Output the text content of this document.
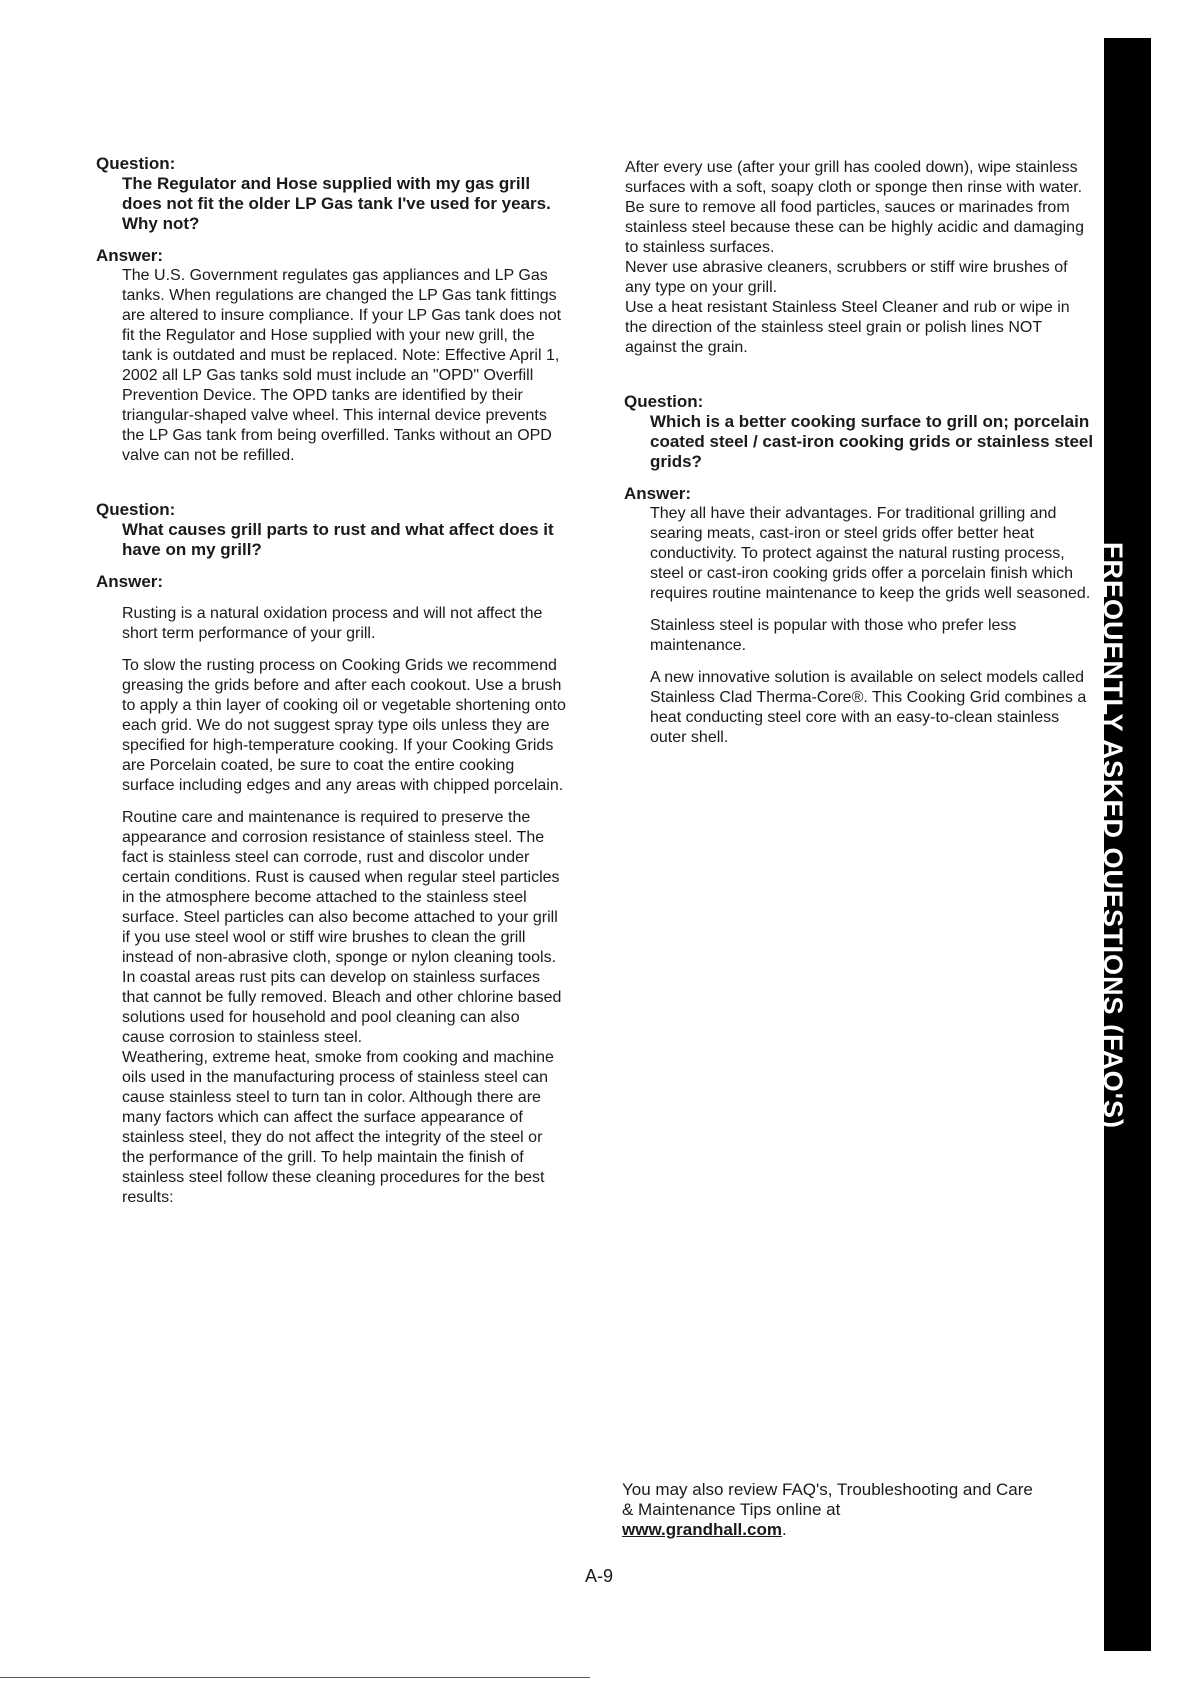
Question:

The Regulator and Hose supplied with my gas grill does not fit the older LP Gas tank I've used for years. Why not?

Answer:

The U.S. Government regulates gas appliances and LP Gas tanks. When regulations are changed the LP Gas tank fittings are altered to insure compliance. If your LP Gas tank does not fit the Regulator and Hose supplied with your new grill, the tank is outdated and must be replaced. Note: Effective April 1, 2002 all LP Gas tanks sold must include an "OPD" Overfill Prevention Device. The OPD tanks are identified by their triangular-shaped valve wheel. This internal device prevents the LP Gas tank from being overfilled. Tanks without an OPD valve can not be refilled.

Question:

What causes grill parts to rust and what affect does it have on my grill?

Answer:

Rusting is a natural oxidation process and will not affect the short term performance of your grill.

To slow the rusting process on Cooking Grids we recommend greasing the grids before and after each cookout. Use a brush to apply a thin layer of cooking oil or vegetable shortening onto each grid. We do not suggest spray type oils unless they are specified for high-temperature cooking. If your Cooking Grids are Porcelain coated, be sure to coat the entire cooking surface including edges and any areas with chipped porcelain.

Routine care and maintenance is required to preserve the appearance and corrosion resistance of stainless steel. The fact is stainless steel can corrode, rust and discolor under certain conditions. Rust is caused when regular steel particles in the atmosphere become attached to the stainless steel surface. Steel particles can also become attached to your grill if you use steel wool or stiff wire brushes to clean the grill instead of non-abrasive cloth, sponge or nylon cleaning tools. In coastal areas rust pits can develop on stainless surfaces that cannot be fully removed. Bleach and other chlorine based solutions used for household and pool cleaning can also cause corrosion to stainless steel.

Weathering, extreme heat, smoke from cooking and machine oils used in the manufacturing process of stainless steel can cause stainless steel to turn tan in color. Although there are many factors which can affect the surface appearance of stainless steel, they do not affect the integrity of the steel or the performance of the grill. To help maintain the finish of stainless steel follow these cleaning procedures for the best results:

After every use (after your grill has cooled down), wipe stainless surfaces with a soft, soapy cloth or sponge then rinse with water. Be sure to remove all food particles, sauces or marinades from stainless steel because these can be highly acidic and damaging to stainless surfaces.

Never use abrasive cleaners, scrubbers or stiff wire brushes of any type on your grill.

Use a heat resistant Stainless Steel Cleaner and rub or wipe in the direction of the stainless steel grain or polish lines NOT against the grain.

Question:

Which is a better cooking surface to grill on; porcelain coated steel / cast-iron cooking grids or stainless steel grids?

Answer:

They all have their advantages. For traditional grilling and searing meats, cast-iron or steel grids offer better heat conductivity. To protect against the natural rusting process, steel or cast-iron cooking grids offer a porcelain finish which requires routine maintenance to keep the grids well seasoned.

Stainless steel is popular with those who prefer less maintenance.

A new innovative solution is available on select models called Stainless Clad Therma-Core®. This Cooking Grid combines a heat conducting steel core with an easy-to-clean stainless outer shell.

You may also review FAQ's, Troubleshooting and Care & Maintenance Tips online at
www.grandhall.com.
A-9
FREQUENTLY ASKED QUESTIONS (FAQ'S)
